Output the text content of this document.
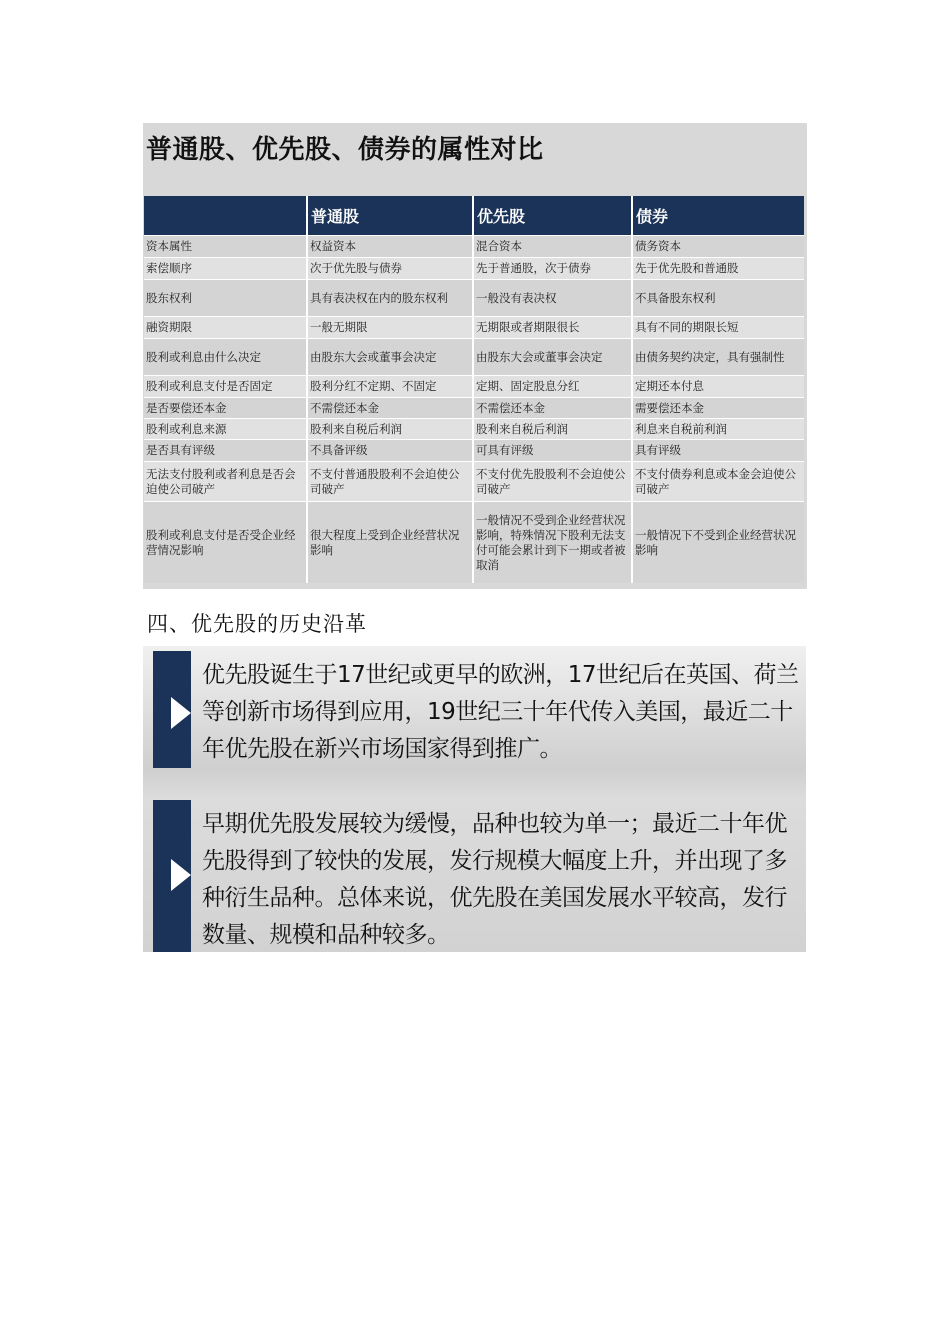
普通股、优先股、债券的属性对比
	普通股	优先股	债券
资本属性	权益资本	混合资本	债务资本
索偿顺序	次于优先股与债券	先于普通股，次于债券	先于优先股和普通股
股东权利	具有表决权在内的股东权利	一般没有表决权	不具备股东权利
融资期限	一般无期限	无期限或者期限很长	具有不同的期限长短
股利或利息由什么决定	由股东大会或董事会决定	由股东大会或董事会决定	由债务契约决定，具有强制性
股利或利息支付是否固定	股利分红不定期、不固定	定期、固定股息分红	定期还本付息
是否要偿还本金	不需偿还本金	不需偿还本金	需要偿还本金
股利或利息来源	股利来自税后利润	股利来自税后利润	利息来自税前利润
是否具有评级	不具备评级	可具有评级	具有评级
无法支付股利或者利息是否会迫使公司破产	不支付普通股股利不会迫使公司破产	不支付优先股股利不会迫使公司破产	不支付债券利息或本金会迫使公司破产
股利或利息支付是否受企业经营情况影响	很大程度上受到企业经营状况影响	一般情况不受到企业经营状况影响，特殊情况下股利无法支付可能会累计到下一期或者被取消	一般情况下不受到企业经营状况影响
四、优先股的历史沿革
优先股诞生于17世纪或更早的欧洲，17世纪后在英国、荷兰等创新市场得到应用，19世纪三十年代传入美国，最近二十年优先股在新兴市场国家得到推广。
早期优先股发展较为缓慢，品种也较为单一；最近二十年优先股得到了较快的发展，发行规模大幅度上升，并出现了多种衍生品种。总体来说，优先股在美国发展水平较高，发行数量、规模和品种较多。
